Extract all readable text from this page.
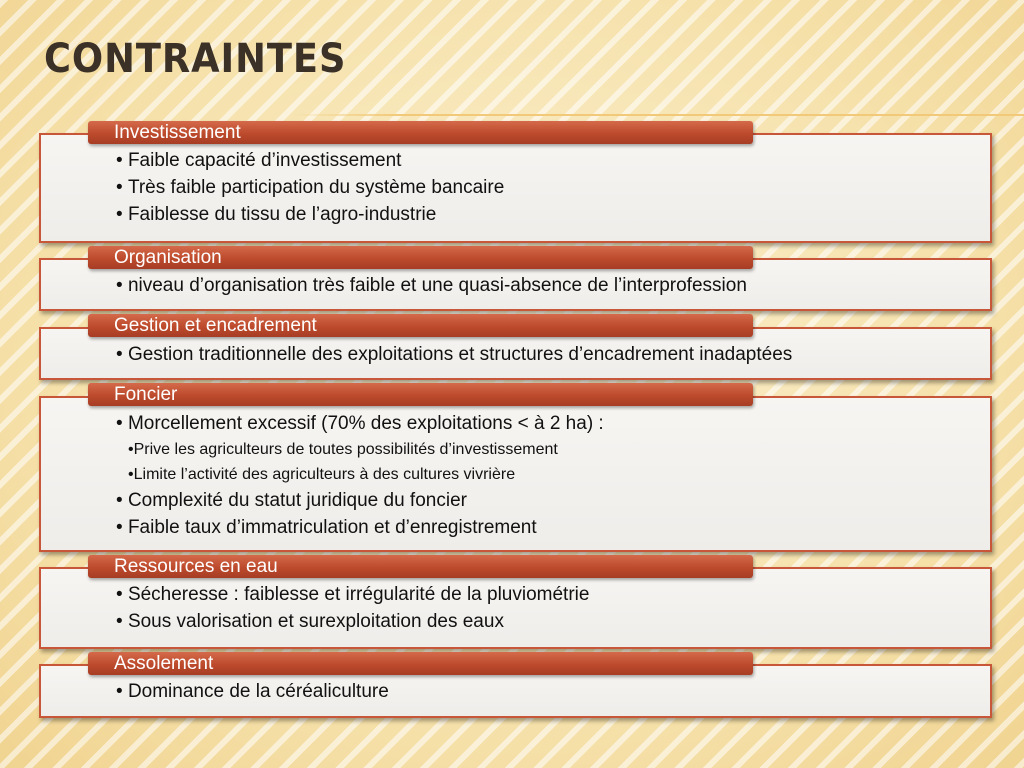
CONTRAINTES
Investissement
• Faible capacité d’investissement
• Très faible participation du système bancaire
• Faiblesse du tissu de l’agro-industrie
Organisation
• niveau d’organisation très faible et une quasi-absence de l’interprofession
Gestion et encadrement
• Gestion traditionnelle des exploitations et structures d’encadrement inadaptées
Foncier
• Morcellement excessif (70% des exploitations < à 2 ha) :
• Prive les agriculteurs de toutes possibilités d’investissement
• Limite l’activité des agriculteurs à des cultures vivrière
• Complexité du statut juridique du foncier
• Faible taux d’immatriculation et d’enregistrement
Ressources en eau
• Sécheresse : faiblesse et irrégularité de la pluviométrie
• Sous valorisation et surexploitation des eaux
Assolement
• Dominance de la céréaliculture
